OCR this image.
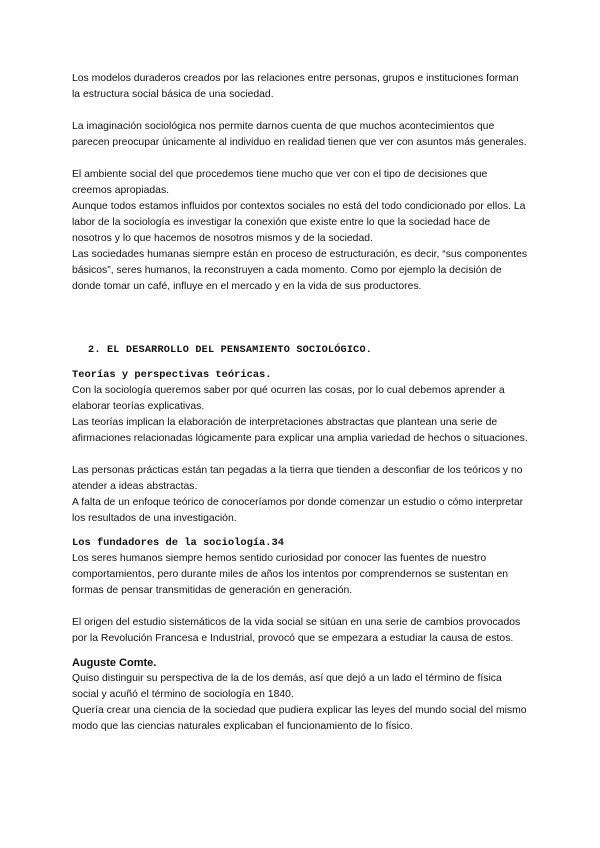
Los modelos duraderos creados por las relaciones entre personas, grupos e instituciones forman la estructura social básica de una sociedad.

La imaginación sociológica nos permite darnos cuenta de que muchos acontecimientos que parecen preocupar únicamente al individuo en realidad tienen que ver con asuntos más generales.

El ambiente social del que procedemos tiene mucho que ver con el tipo de decisiones que creemos apropiadas.

Aunque todos estamos influidos por contextos sociales no está del todo condicionado por ellos. La labor de la sociología es investigar la conexión que existe entre lo que la sociedad hace de nosotros y lo que hacemos de nosotros mismos y de la sociedad.

Las sociedades humanas siempre están en proceso de estructuración, es decir, “sus componentes básicos”, seres humanos, la reconstruyen a cada momento. Como por ejemplo la decisión de donde tomar un café, influye en el mercado y en la vida de sus productores.

2. EL DESARROLLO DEL PENSAMIENTO SOCIOLÓGICO.

Teorías y perspectivas teóricas.

Con la sociología queremos saber por qué ocurren las cosas, por lo cual debemos aprender a elaborar teorías explicativas.

Las teorías implican la elaboración de interpretaciones abstractas que plantean una serie de afirmaciones relacionadas lógicamente para explicar una amplia variedad de hechos o situaciones.

Las personas prácticas están tan pegadas a la tierra que tienden a desconfiar de los teóricos y no atender a ideas abstractas.

A falta de un enfoque teórico de conoceríamos por donde comenzar un estudio o cómo interpretar los resultados de una investigación.

Los fundadores de la sociología.34

Los seres humanos siempre hemos sentido curiosidad por conocer las fuentes de nuestro comportamientos, pero durante miles de años los intentos por comprendernos se sustentan en formas de pensar transmitidas de generación en generación.

El origen del estudio sistemáticos de la vida social se sitúan en una serie de cambios provocados por la Revolución Francesa e Industrial, provocó que se empezara a estudiar la causa de estos.

Auguste Comte.

Quiso distinguir su perspectiva de la de los demás, así que dejó a un lado el término de física social y acuñó el término de sociología en 1840.

Quería crear una ciencia de la sociedad que pudiera explicar las leyes del mundo social del mismo modo que las ciencias naturales explicaban el funcionamiento de lo físico.
